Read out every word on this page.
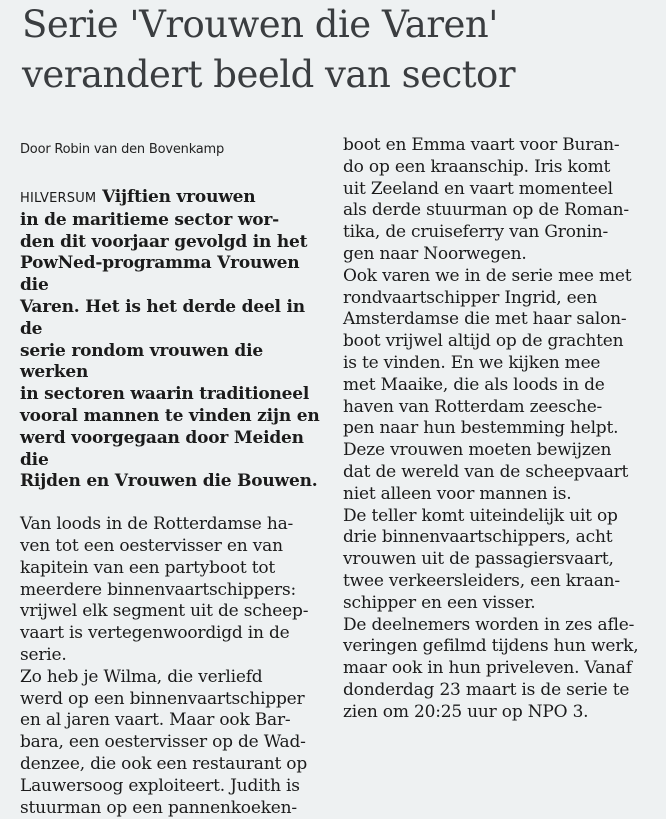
Serie 'Vrouwen die Varen'
verandert beeld van sector

Door Robin van den Bovenkamp

HILVERSUM Vijftien vrouwen
in de maritieme sector wor-
den dit voorjaar gevolgd in het
PowNed-programma Vrouwen die
Varen. Het is het derde deel in de
serie rondom vrouwen die werken
in sectoren waarin traditioneel
vooral mannen te vinden zijn en
werd voorgegaan door Meiden die
Rijden en Vrouwen die Bouwen.

Van loods in de Rotterdamse ha-
ven tot een oestervisser en van
kapitein van een partyboot tot
meerdere binnenvaartschippers:
vrijwel elk segment uit de scheep-
vaart is vertegenwoordigd in de
serie.

Zo heb je Wilma, die verliefd
werd op een binnenvaartschipper
en al jaren vaart. Maar ook Bar-
bara, een oestervisser op de Wad-
denzee, die ook een restaurant op
Lauwersoog exploiteert. Judith is
stuurman op een pannenkoeken-

boot en Emma vaart voor Buran-
do op een kraanschip. Iris komt
uit Zeeland en vaart momenteel
als derde stuurman op de Roman-
tika, de cruiseferry van Gronin-
gen naar Noorwegen.

Ook varen we in de serie mee met
rondvaartschipper Ingrid, een
Amsterdamse die met haar salon-
boot vrijwel altijd op de grachten
is te vinden. En we kijken mee
met Maaike, die als loods in de
haven van Rotterdam zeesche-
pen naar hun bestemming helpt.
Deze vrouwen moeten bewijzen
dat de wereld van de scheepvaart
niet alleen voor mannen is.

De teller komt uiteindelijk uit op
drie binnenvaartschippers, acht
vrouwen uit de passagiersvaart,
twee verkeersleiders, een kraan-
schipper en een visser.

De deelnemers worden in zes afle-
veringen gefilmd tijdens hun werk,
maar ook in hun priveleven. Vanaf
donderdag 23 maart is de serie te
zien om 20:25 uur op NPO 3.
